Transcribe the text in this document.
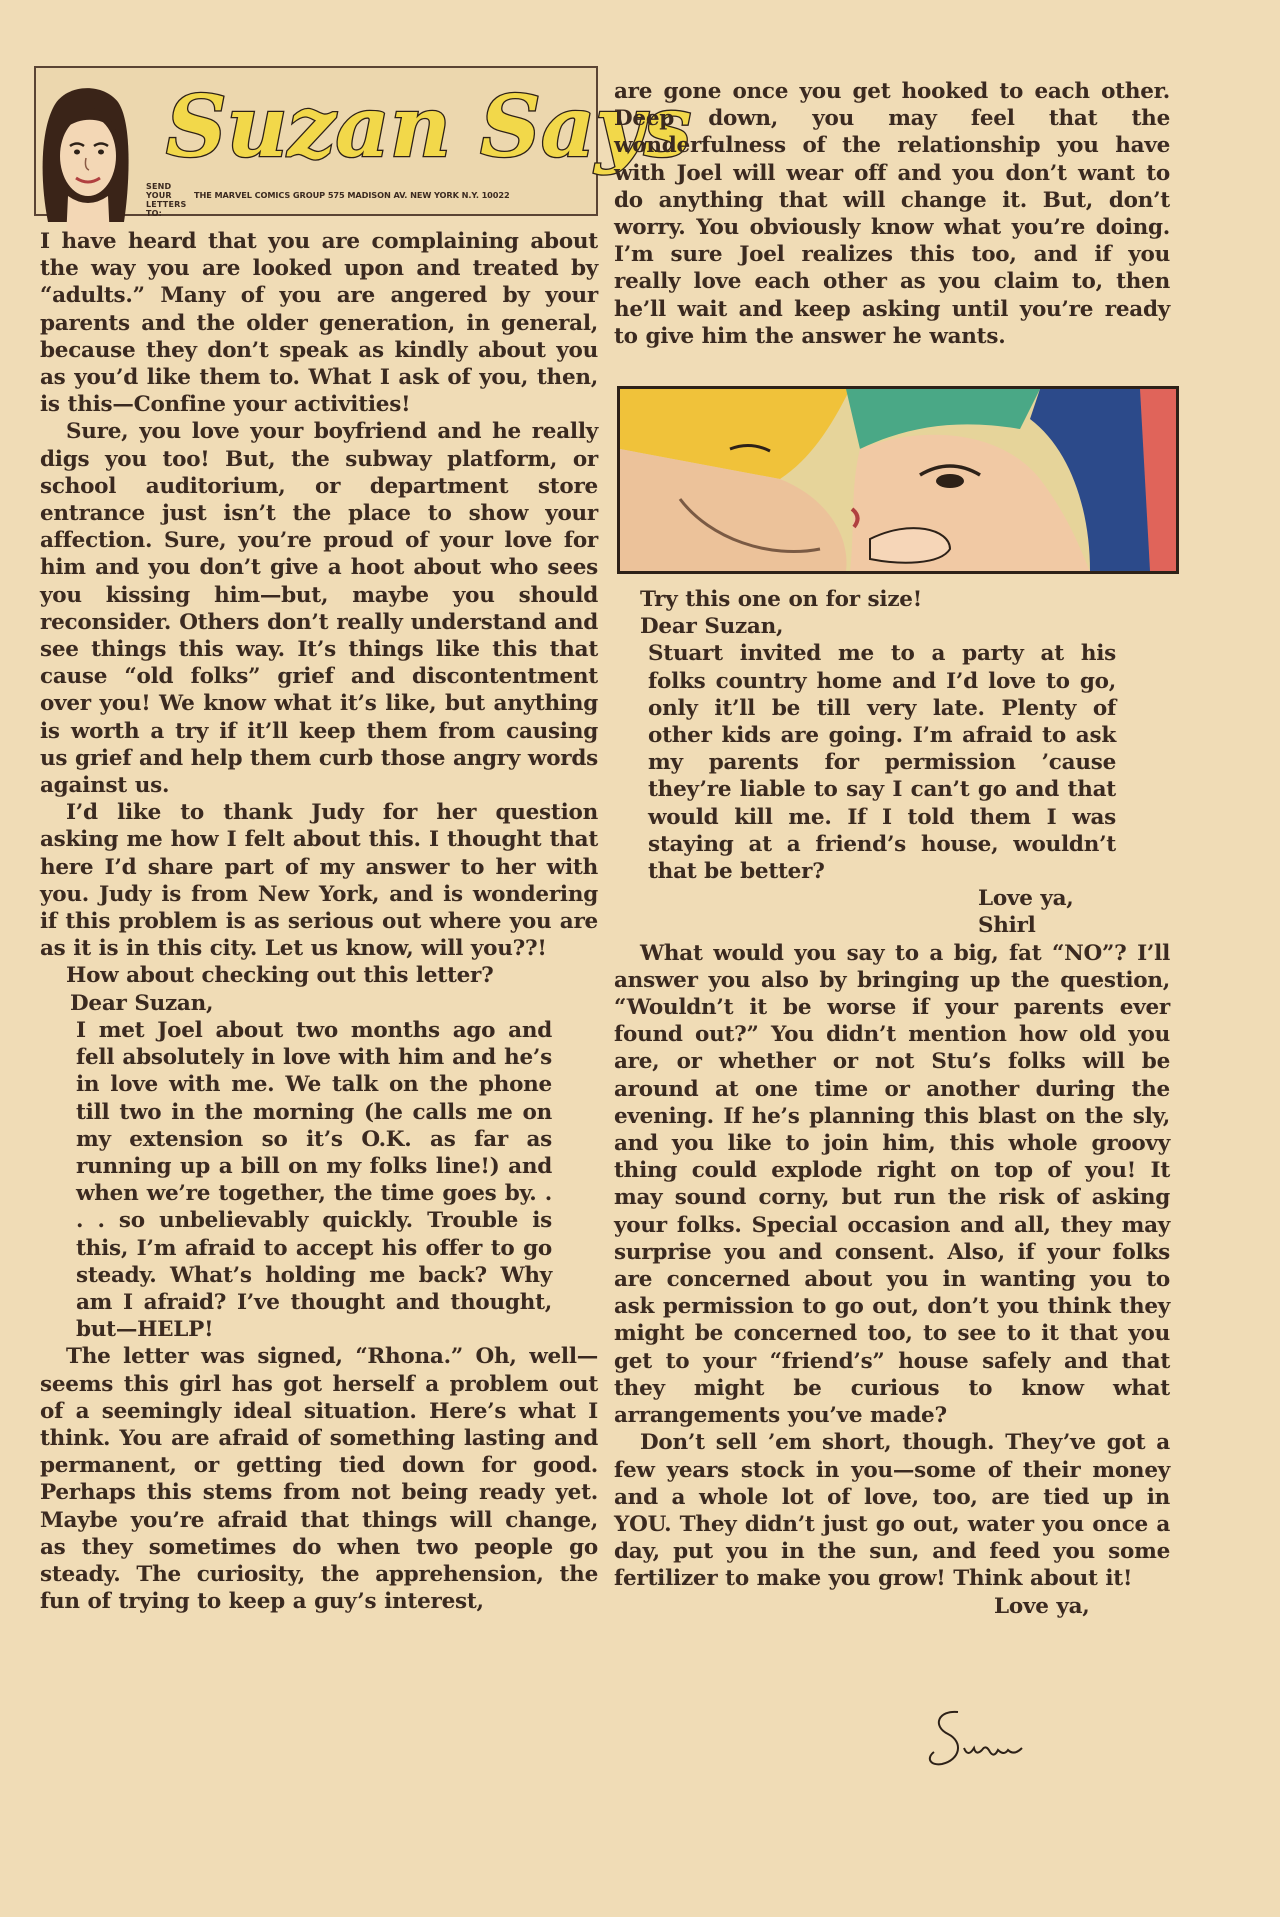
Suzan Says
SEND YOUR LETTERS TO:
THE MARVEL COMICS GROUP 575 MADISON AV. NEW YORK N.Y. 10022

I have heard that you are complaining about the way you are looked upon and treated by “adults.” Many of you are angered by your parents and the older generation, in general, because they don’t speak as kindly about you as you’d like them to. What I ask of you, then, is this—Confine your activities!

Sure, you love your boyfriend and he really digs you too! But, the subway platform, or school auditorium, or department store entrance just isn’t the place to show your affection. Sure, you’re proud of your love for him and you don’t give a hoot about who sees you kissing him—but, maybe you should reconsider. Others don’t really understand and see things this way. It’s things like this that cause “old folks” grief and discontentment over you! We know what it’s like, but anything is worth a try if it’ll keep them from causing us grief and help them curb those angry words against us.

I’d like to thank Judy for her question asking me how I felt about this. I thought that here I’d share part of my answer to her with you. Judy is from New York, and is wondering if this problem is as serious out where you are as it is in this city. Let us know, will you??!

How about checking out this letter?

Dear Suzan,

I met Joel about two months ago and fell absolutely in love with him and he’s in love with me. We talk on the phone till two in the morning (he calls me on my extension so it’s O.K. as far as running up a bill on my folks line!) and when we’re together, the time goes by. . . . so unbelievably quickly. Trouble is this, I’m afraid to accept his offer to go steady. What’s holding me back? Why am I afraid? I’ve thought and thought, but—HELP!

The letter was signed, “Rhona.” Oh, well—seems this girl has got herself a problem out of a seemingly ideal situation. Here’s what I think. You are afraid of something lasting and permanent, or getting tied down for good. Perhaps this stems from not being ready yet. Maybe you’re afraid that things will change, as they sometimes do when two people go steady. The curiosity, the apprehension, the fun of trying to keep a guy’s interest,

are gone once you get hooked to each other. Deep down, you may feel that the wonderfulness of the relationship you have with Joel will wear off and you don’t want to do anything that will change it. But, don’t worry. You obviously know what you’re doing. I’m sure Joel realizes this too, and if you really love each other as you claim to, then he’ll wait and keep asking until you’re ready to give him the answer he wants.

Try this one on for size!

Dear Suzan,

Stuart invited me to a party at his folks country home and I’d love to go, only it’ll be till very late. Plenty of other kids are going. I’m afraid to ask my parents for permission ’cause they’re liable to say I can’t go and that would kill me. If I told them I was staying at a friend’s house, wouldn’t that be better?

Love ya,

Shirl

What would you say to a big, fat “NO”? I’ll answer you also by bringing up the question, “Wouldn’t it be worse if your parents ever found out?” You didn’t mention how old you are, or whether or not Stu’s folks will be around at one time or another during the evening. If he’s planning this blast on the sly, and you like to join him, this whole groovy thing could explode right on top of you! It may sound corny, but run the risk of asking your folks. Special occasion and all, they may surprise you and consent. Also, if your folks are concerned about you in wanting you to ask permission to go out, don’t you think they might be concerned too, to see to it that you get to your “friend’s” house safely and that they might be curious to know what arrangements you’ve made?

Don’t sell ’em short, though. They’ve got a few years stock in you—some of their money and a whole lot of love, too, are tied up in YOU. They didn’t just go out, water you once a day, put you in the sun, and feed you some fertilizer to make you grow! Think about it!

Love ya,

Suzan
